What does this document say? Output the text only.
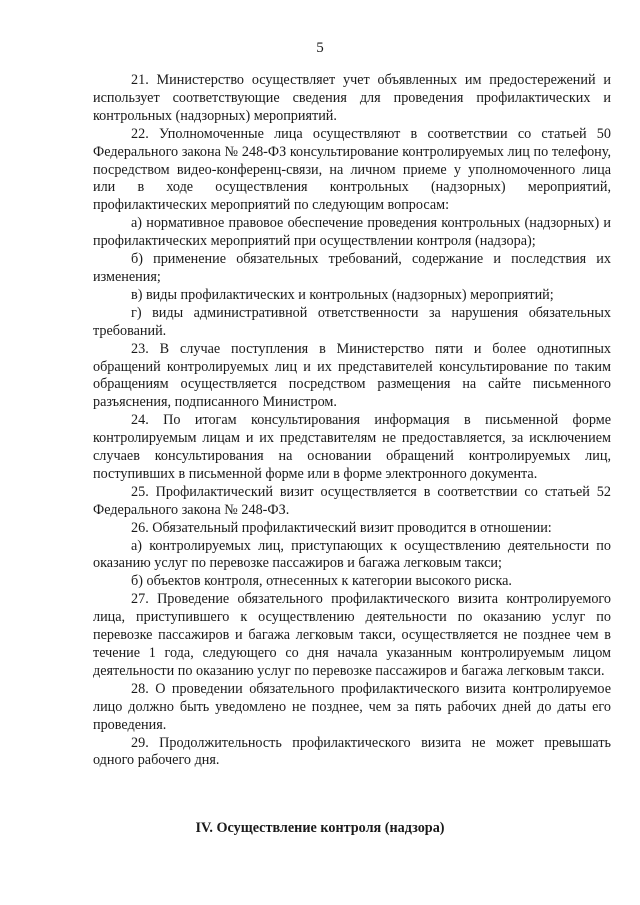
5

21. Министерство осуществляет учет объявленных им предостережений и использует соответствующие сведения для проведения профилактических и контрольных (надзорных) мероприятий.

22. Уполномоченные лица осуществляют в соответствии со статьей 50 Федерального закона № 248-ФЗ консультирование контролируемых лиц по телефону, посредством видео-конференц-связи, на личном приеме у уполномоченного лица или в ходе осуществления контрольных (надзорных) мероприятий, профилактических мероприятий по следующим вопросам:

а) нормативное правовое обеспечение проведения контрольных (надзорных) и профилактических мероприятий при осуществлении контроля (надзора);

б) применение обязательных требований, содержание и последствия их изменения;

в) виды профилактических и контрольных (надзорных) мероприятий;

г) виды административной ответственности за нарушения обязательных требований.

23. В случае поступления в Министерство пяти и более однотипных обращений контролируемых лиц и их представителей консультирование по таким обращениям осуществляется посредством размещения на сайте письменного разъяснения, подписанного Министром.

24. По итогам консультирования информация в письменной форме контролируемым лицам и их представителям не предоставляется, за исключением случаев консультирования на основании обращений контролируемых лиц, поступивших в письменной форме или в форме электронного документа.

25. Профилактический визит осуществляется в соответствии со статьей 52 Федерального закона № 248-ФЗ.

26. Обязательный профилактический визит проводится в отношении:

а) контролируемых лиц, приступающих к осуществлению деятельности по оказанию услуг по перевозке пассажиров и багажа легковым такси;

б) объектов контроля, отнесенных к категории высокого риска.

27. Проведение обязательного профилактического визита контролируемого лица, приступившего к осуществлению деятельности по оказанию услуг по перевозке пассажиров и багажа легковым такси, осуществляется не позднее чем в течение 1 года, следующего со дня начала указанным контролируемым лицом деятельности по оказанию услуг по перевозке пассажиров и багажа легковым такси.

28. О проведении обязательного профилактического визита контролируемое лицо должно быть уведомлено не позднее, чем за пять рабочих дней до даты его проведения.

29. Продолжительность профилактического визита не может превышать одного рабочего дня.

IV. Осуществление контроля (надзора)
